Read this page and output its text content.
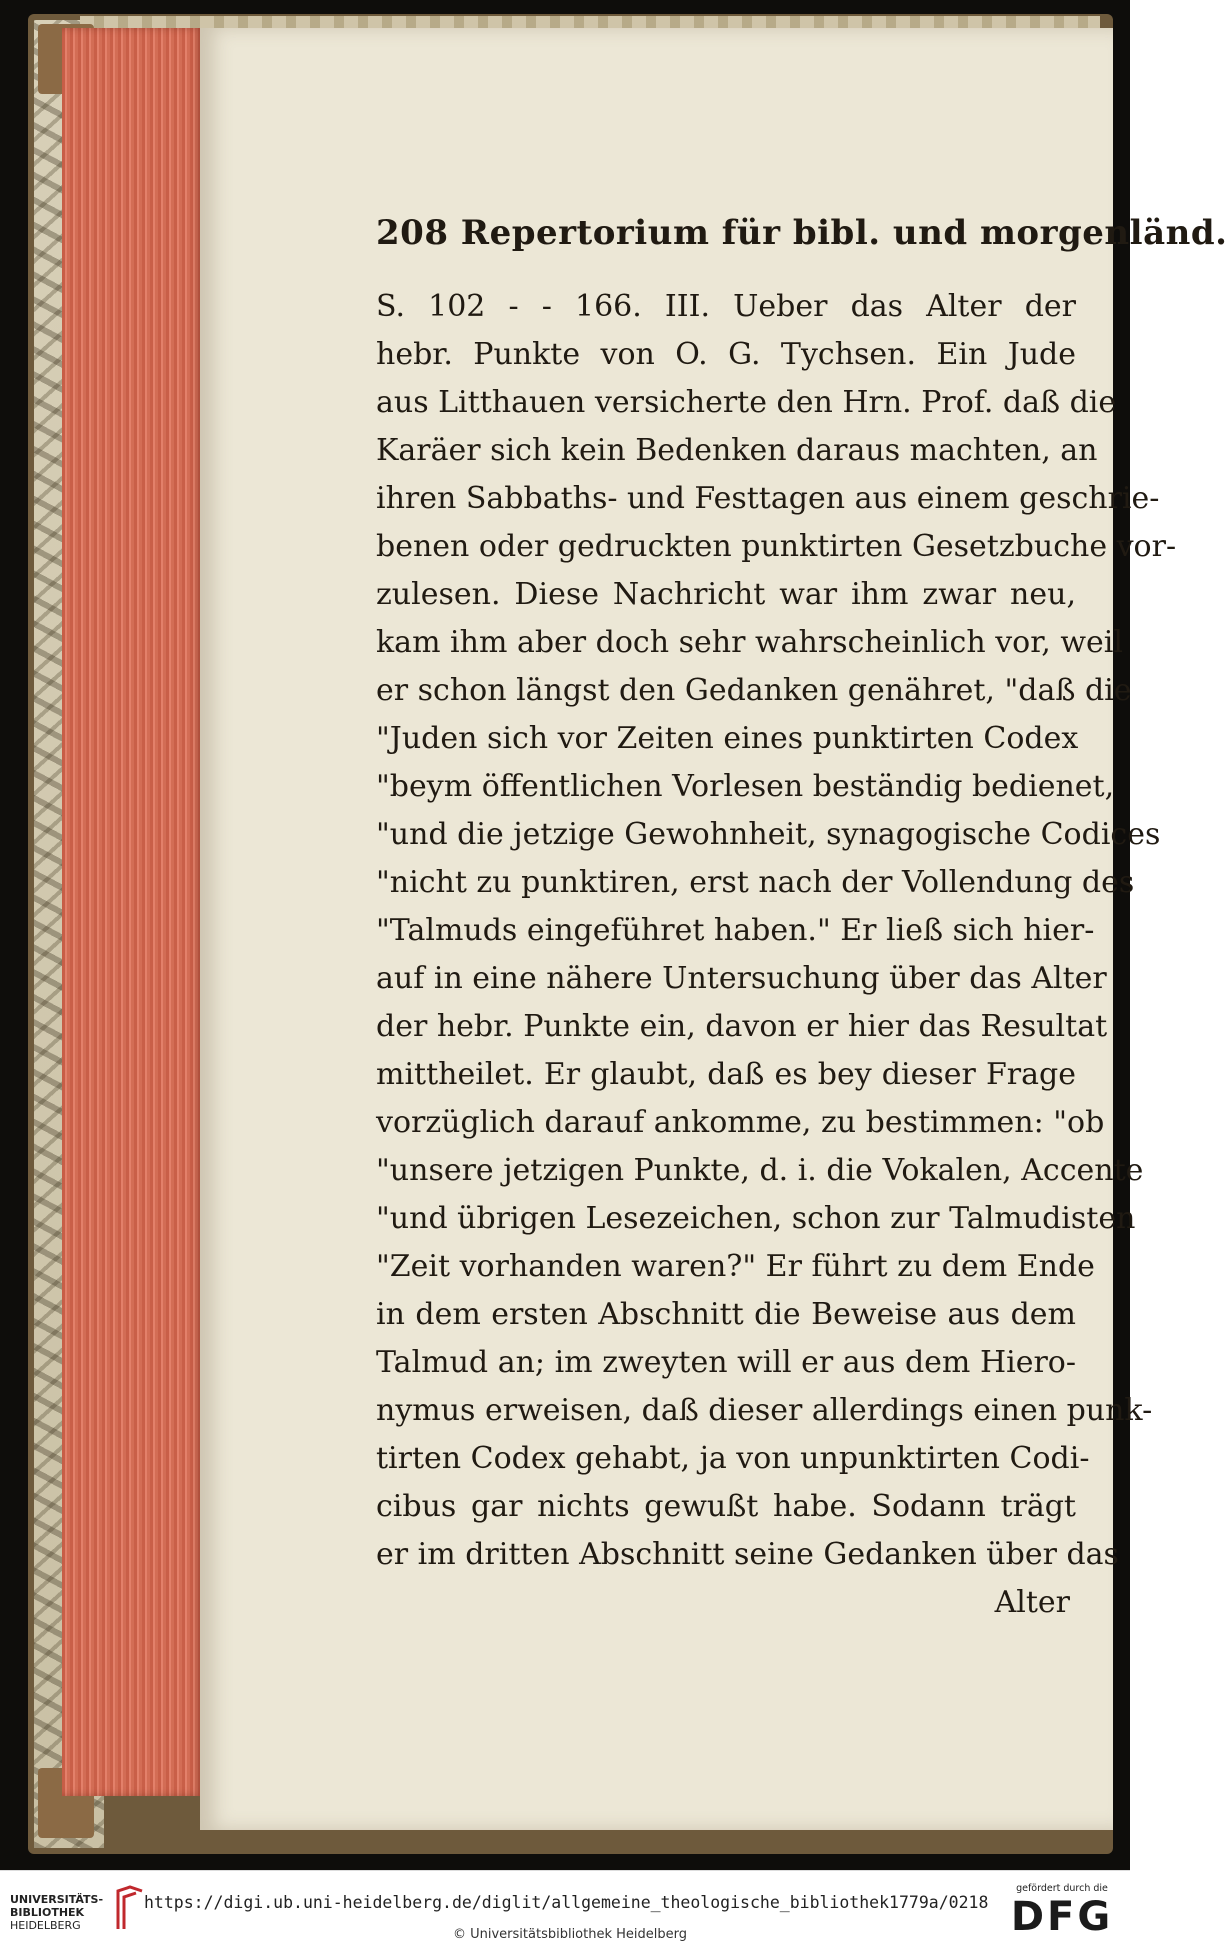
208 Repertorium für bibl. und morgenländ.
S. 102 - - 166. III. Ueber das Alter der
hebr. Punkte von O. G. Tychsen. Ein Jude
aus Litthauen versicherte den Hrn. Prof. daß die
Karäer sich kein Bedenken daraus machten, an
ihren Sabbaths- und Festtagen aus einem geschrie-
benen oder gedruckten punktirten Gesetzbuche vor-
zulesen. Diese Nachricht war ihm zwar neu,
kam ihm aber doch sehr wahrscheinlich vor, weil
er schon längst den Gedanken genähret, "daß die
"Juden sich vor Zeiten eines punktirten Codex
"beym öffentlichen Vorlesen beständig bedienet,
"und die jetzige Gewohnheit, synagogische Codices
"nicht zu punktiren, erst nach der Vollendung des
"Talmuds eingeführet haben." Er ließ sich hier-
auf in eine nähere Untersuchung über das Alter
der hebr. Punkte ein, davon er hier das Resultat
mittheilet. Er glaubt, daß es bey dieser Frage
vorzüglich darauf ankomme, zu bestimmen: "ob
"unsere jetzigen Punkte, d. i. die Vokalen, Accente
"und übrigen Lesezeichen, schon zur Talmudisten
"Zeit vorhanden waren?" Er führt zu dem Ende
in dem ersten Abschnitt die Beweise aus dem
Talmud an; im zweyten will er aus dem Hiero-
nymus erweisen, daß dieser allerdings einen punk-
tirten Codex gehabt, ja von unpunktirten Codi-
cibus gar nichts gewußt habe. Sodann trägt
er im dritten Abschnitt seine Gedanken über das
Alter
UNIVERSITÄTS-
BIBLIOTHEK
HEIDELBERG
https://digi.ub.uni-heidelberg.de/diglit/allgemeine_theologische_bibliothek1779a/0218
© Universitätsbibliothek Heidelberg
gefördert durch die
DFG
